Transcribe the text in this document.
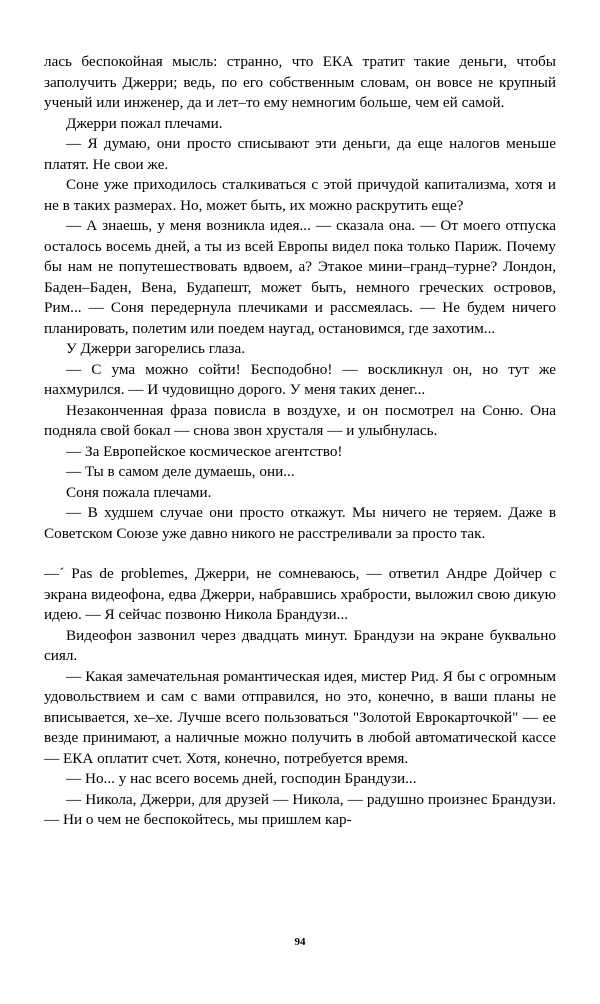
лась беспокойная мысль: странно, что ЕКА тратит такие деньги, чтобы заполучить Джерри; ведь, по его собственным словам, он вовсе не крупный ученый или инженер, да и лет–то ему немногим больше, чем ей самой.

Джерри пожал плечами.

— Я думаю, они просто списывают эти деньги, да еще налогов меньше платят. Не свои же.

Соне уже приходилось сталкиваться с этой причудой капитализма, хотя и не в таких размерах. Но, может быть, их можно раскрутить еще?

— А знаешь, у меня возникла идея... — сказала она. — От моего отпуска осталось восемь дней, а ты из всей Европы видел пока только Париж. Почему бы нам не попутешествовать вдвоем, а? Этакое мини–гранд–турне? Лондон, Баден–Баден, Вена, Будапешт, может быть, немного греческих островов, Рим... — Соня передернула плечиками и рассмеялась. — Не будем ничего планировать, полетим или поедем наугад, остановимся, где захотим...

У Джерри загорелись глаза.

— С ума можно сойти! Бесподобно! — воскликнул он, но тут же нахмурился. — И чудовищно дорого. У меня таких денег...

Незаконченная фраза повисла в воздухе, и он посмотрел на Соню. Она подняла свой бокал — снова звон хрусталя — и улыбнулась.

— За Европейское космическое агентство!

— Ты в самом деле думаешь, они...

Соня пожала плечами.

— В худшем случае они просто откажут. Мы ничего не теряем. Даже в Советском Союзе уже давно никого не расстреливали за просто так.

—´ Pas de problemes, Джерри, не сомневаюсь, — ответил Андре Дойчер с экрана видеофона, едва Джерри, набравшись храбрости, выложил свою дикую идею. — Я сейчас позвоню Никола Брандузи...

Видеофон зазвонил через двадцать минут. Брандузи на экране буквально сиял.

— Какая замечательная романтическая идея, мистер Рид. Я бы с огромным удовольствием и сам с вами отправился, но это, конечно, в ваши планы не вписывается, хе–хе. Лучше всего пользоваться "Золотой Еврокарточкой" — ее везде принимают, а наличные можно получить в любой автоматической кассе — ЕКА оплатит счет. Хотя, конечно, потребуется время.

— Но... у нас всего восемь дней, господин Брандузи...

— Никола, Джерри, для друзей — Никола, — радушно произнес Брандузи. — Ни о чем не беспокойтесь, мы пришлем кар-

94
